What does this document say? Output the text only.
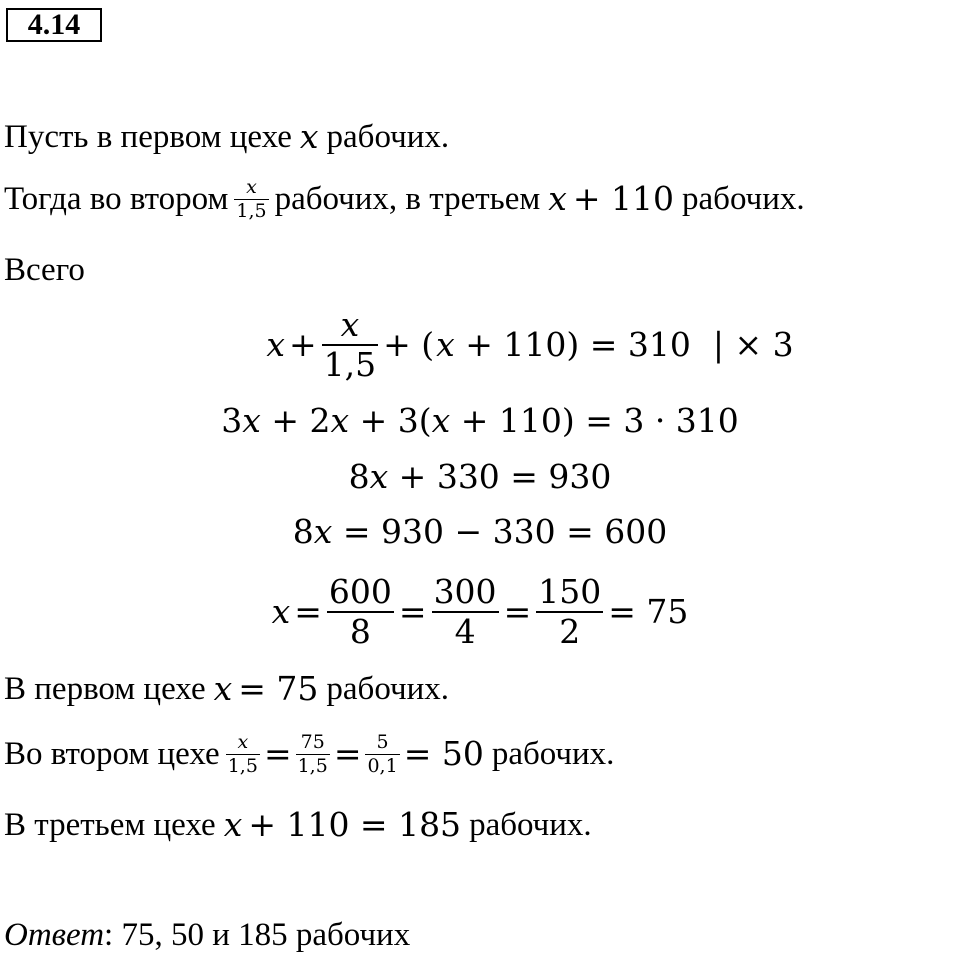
4.14
Пусть в первом цехе x рабочих.
Тогда во втором $\frac{x}{1,5}$ рабочих, в третьем x + 110 рабочих.
Всего
$x + \frac{x}{1,5}$ + ( x + 110) = 310 | × 3
3 x + 2 x + 3( x + 110) = 3 · 310
8 x + 330 = 930
8 x = 930 − 330 = 600
$x = \frac{600}{8} = \frac{300}{4} = \frac{150}{2} = 75$
В первом цехе x = 75 рабочих.
Во втором цехе $\frac{x}{1,5} = \frac{75}{1,5} = \frac{5}{0,1} = 50$ рабочих.
В третьем цехе x + 110 = 185 рабочих.
Ответ : 75, 50 и 185 рабочих
